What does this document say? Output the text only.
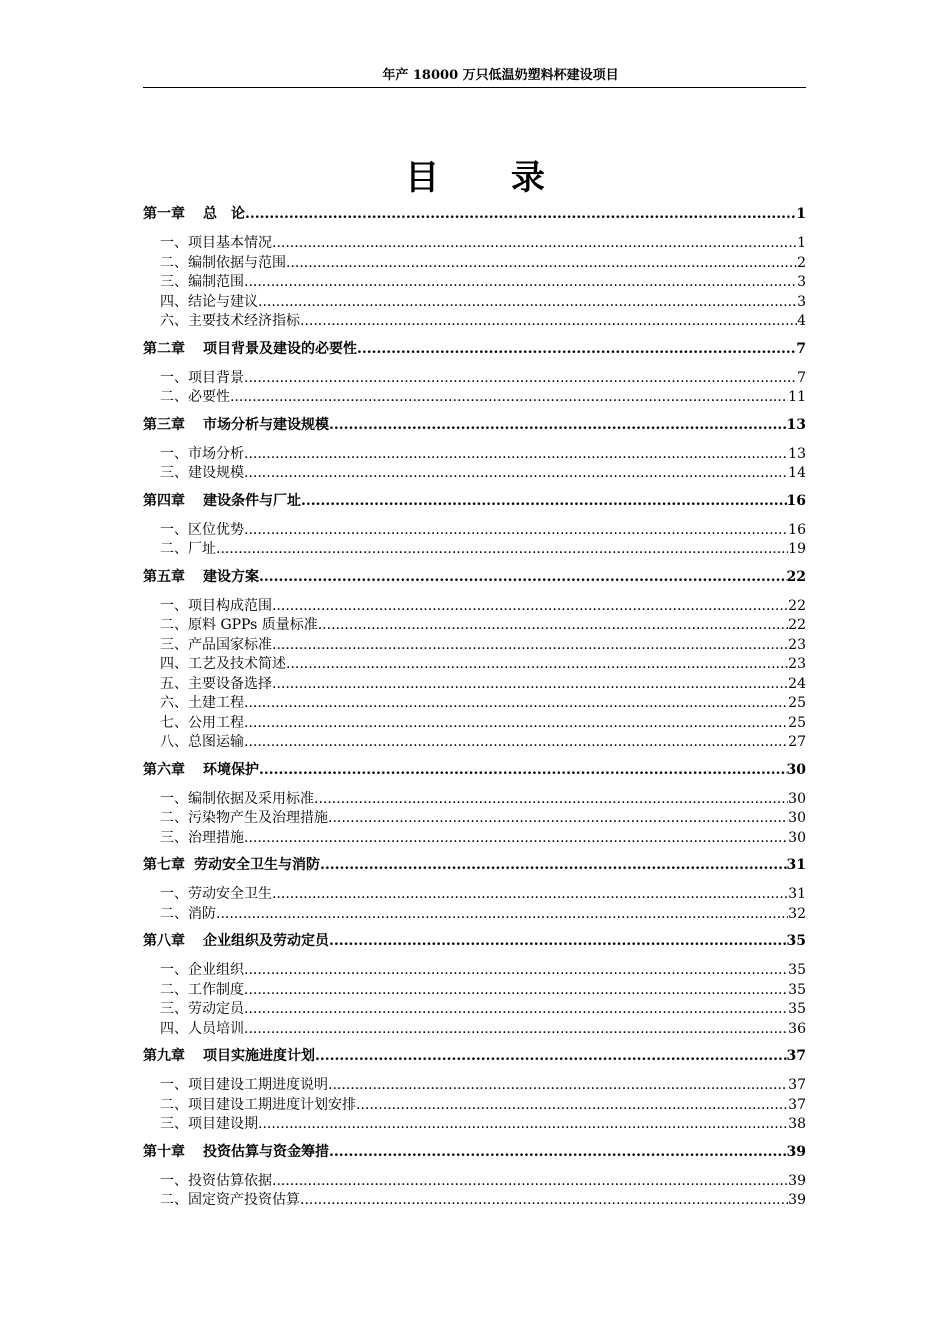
年产 18000 万只低温奶塑料杯建设项目
目 录
第一章 总　论 .....	1
一、项目基本情况 .....	1
二、编制依据与范围 .....	2
三、编制范围 .....	3
四、结论与建议 .....	3
六、主要技术经济指标 .....	4
第二章 项目背景及建设的必要性 .....	7
一、项目背景 .....	7
二、必要性 .....	11
第三章 市场分析与建设规模 .....	13
一、市场分析 .....	13
三、建设规模 .....	14
第四章 建设条件与厂址 .....	16
一、区位优势 .....	16
二、厂址 .....	19
第五章 建设方案 .....	22
一、项目构成范围 .....	22
二、原料 GPPs 质量标准 .....	22
三、产品国家标准 .....	23
四、工艺及技术简述 .....	23
五、主要设备选择 .....	24
六、土建工程 .....	25
七、公用工程 .....	25
八、总图运输 .....	27
第六章 环境保护 .....	30
一、编制依据及采用标准 .....	30
二、污染物产生及治理措施 .....	30
三、治理措施 .....	30
第七章 劳动安全卫生与消防 .....	31
一、劳动安全卫生 .....	31
二、消防 .....	32
第八章 企业组织及劳动定员 .....	35
一、企业组织 .....	35
二、工作制度 .....	35
三、劳动定员 .....	35
四、人员培训 .....	36
第九章 项目实施进度计划 .....	37
一、项目建设工期进度说明 .....	37
二、项目建设工期进度计划安排 .....	37
三、项目建设期 .....	38
第十章 投资估算与资金筹措 .....	39
一、投资估算依据 .....	39
二、固定资产投资估算 .....	39
